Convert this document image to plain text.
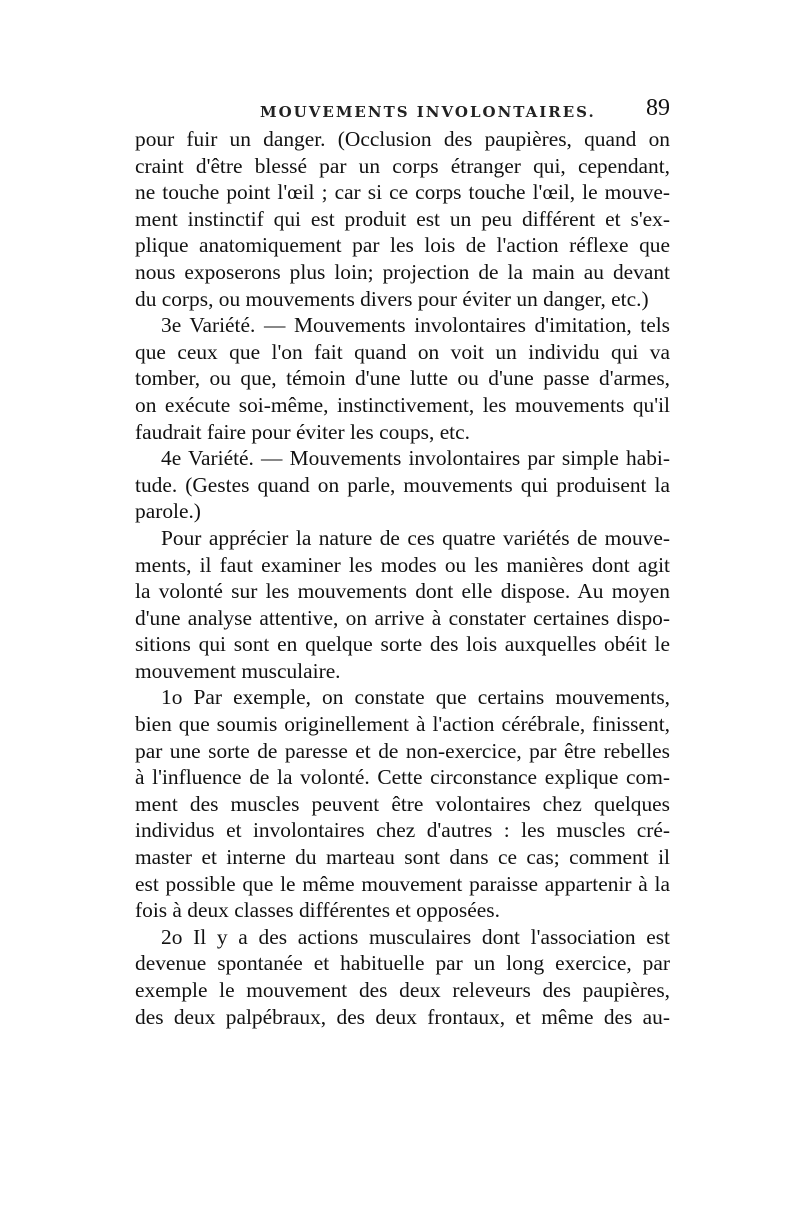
MOUVEMENTS INVOLONTAIRES. 89
pour fuir un danger. (Occlusion des paupières, quand on
craint d'être blessé par un corps étranger qui, cependant,
ne touche point l'œil ; car si ce corps touche l'œil, le mouve-
ment instinctif qui est produit est un peu différent et s'ex-
plique anatomiquement par les lois de l'action réflexe que
nous exposerons plus loin; projection de la main au devant
du corps, ou mouvements divers pour éviter un danger, etc.)
3e Variété. — Mouvements involontaires d'imitation, tels
que ceux que l'on fait quand on voit un individu qui va
tomber, ou que, témoin d'une lutte ou d'une passe d'armes,
on exécute soi-même, instinctivement, les mouvements qu'il
faudrait faire pour éviter les coups, etc.
4e Variété. — Mouvements involontaires par simple habi-
tude. (Gestes quand on parle, mouvements qui produisent la
parole.)
Pour apprécier la nature de ces quatre variétés de mouve-
ments, il faut examiner les modes ou les manières dont agit
la volonté sur les mouvements dont elle dispose. Au moyen
d'une analyse attentive, on arrive à constater certaines dispo-
sitions qui sont en quelque sorte des lois auxquelles obéit le
mouvement musculaire.
1o Par exemple, on constate que certains mouvements,
bien que soumis originellement à l'action cérébrale, finissent,
par une sorte de paresse et de non-exercice, par être rebelles
à l'influence de la volonté. Cette circonstance explique com-
ment des muscles peuvent être volontaires chez quelques
individus et involontaires chez d'autres : les muscles cré-
master et interne du marteau sont dans ce cas; comment il
est possible que le même mouvement paraisse appartenir à la
fois à deux classes différentes et opposées.
2o Il y a des actions musculaires dont l'association est
devenue spontanée et habituelle par un long exercice, par
exemple le mouvement des deux releveurs des paupières,
des deux palpébraux, des deux frontaux, et même des au-
